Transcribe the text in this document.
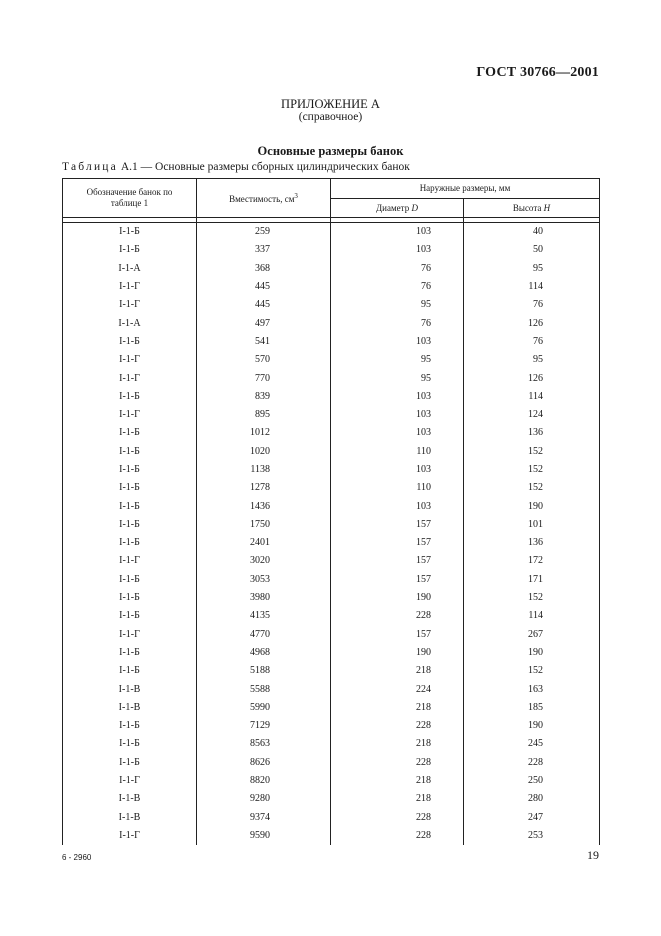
ГОСТ 30766—2001
ПРИЛОЖЕНИЕ А
(справочное)
Основные размеры банок
Таблица А.1 — Основные размеры сборных цилиндрических банок
Обозначение банок по таблице 1	Вместимость, $см^3$	Наружные размеры, мм	
		Диаметр D	Высота H

I-1-Б	259	103	40
I-1-Б	337	103	50
I-1-А	368	76	95
I-1-Г	445	76	114
I-1-Г	445	95	76
I-1-А	497	76	126
I-1-Б	541	103	76
I-1-Г	570	95	95
I-1-Г	770	95	126
I-1-Б	839	103	114
I-1-Г	895	103	124
I-1-Б	1012	103	136
I-1-Б	1020	110	152
I-1-Б	1138	103	152
I-1-Б	1278	110	152
I-1-Б	1436	103	190
I-1-Б	1750	157	101
I-1-Б	2401	157	136
I-1-Г	3020	157	172
I-1-Б	3053	157	171
I-1-Б	3980	190	152
I-1-Б	4135	228	114
I-1-Г	4770	157	267
I-1-Б	4968	190	190
I-1-Б	5188	218	152
I-1-В	5588	224	163
I-1-В	5990	218	185
I-1-Б	7129	228	190
I-1-Б	8563	218	245
I-1-Б	8626	228	228
I-1-Г	8820	218	250
I-1-В	9280	218	280
I-1-В	9374	228	247
I-1-Г	9590	228	253
6 - 2960	19
